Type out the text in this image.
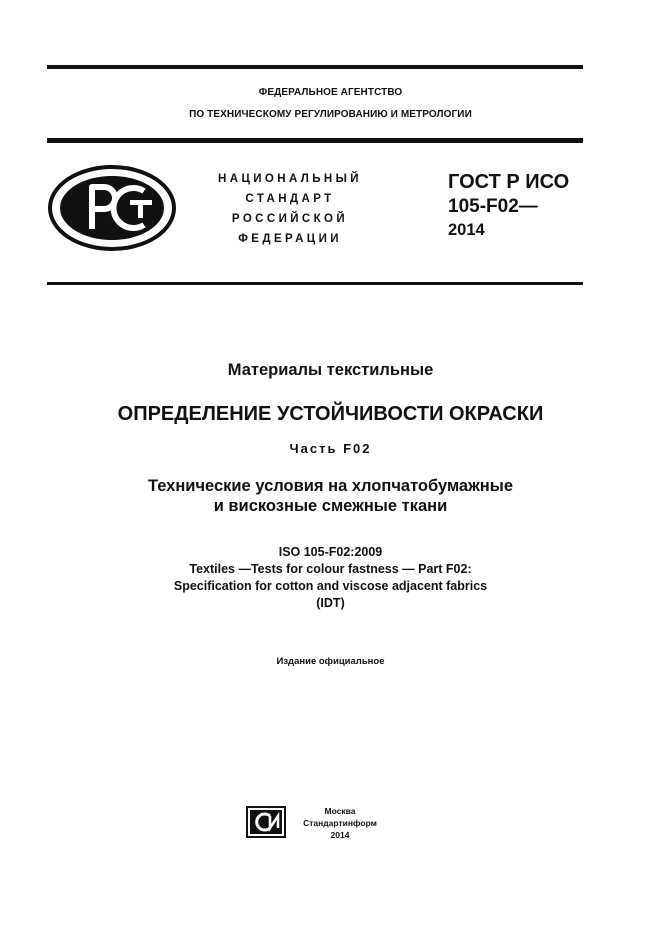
ФЕДЕРАЛЬНОЕ АГЕНТСТВО
ПО ТЕХНИЧЕСКОМУ РЕГУЛИРОВАНИЮ И МЕТРОЛОГИИ
НАЦИОНАЛЬНЫЙ
СТАНДАРТ
РОССИЙСКОЙ
ФЕДЕРАЦИИ
ГОСТ Р ИСО
105-F02—
2014
Материалы текстильные
ОПРЕДЕЛЕНИЕ УСТОЙЧИВОСТИ ОКРАСКИ
Часть F02
Технические условия на хлопчатобумажные
и вискозные смежные ткани
ISO 105-F02:2009
Textiles —Tests for colour fastness — Part F02:
Specification for cotton and viscose adjacent fabrics
(IDT)
Издание официальное
Москва
Стандартинформ
2014
